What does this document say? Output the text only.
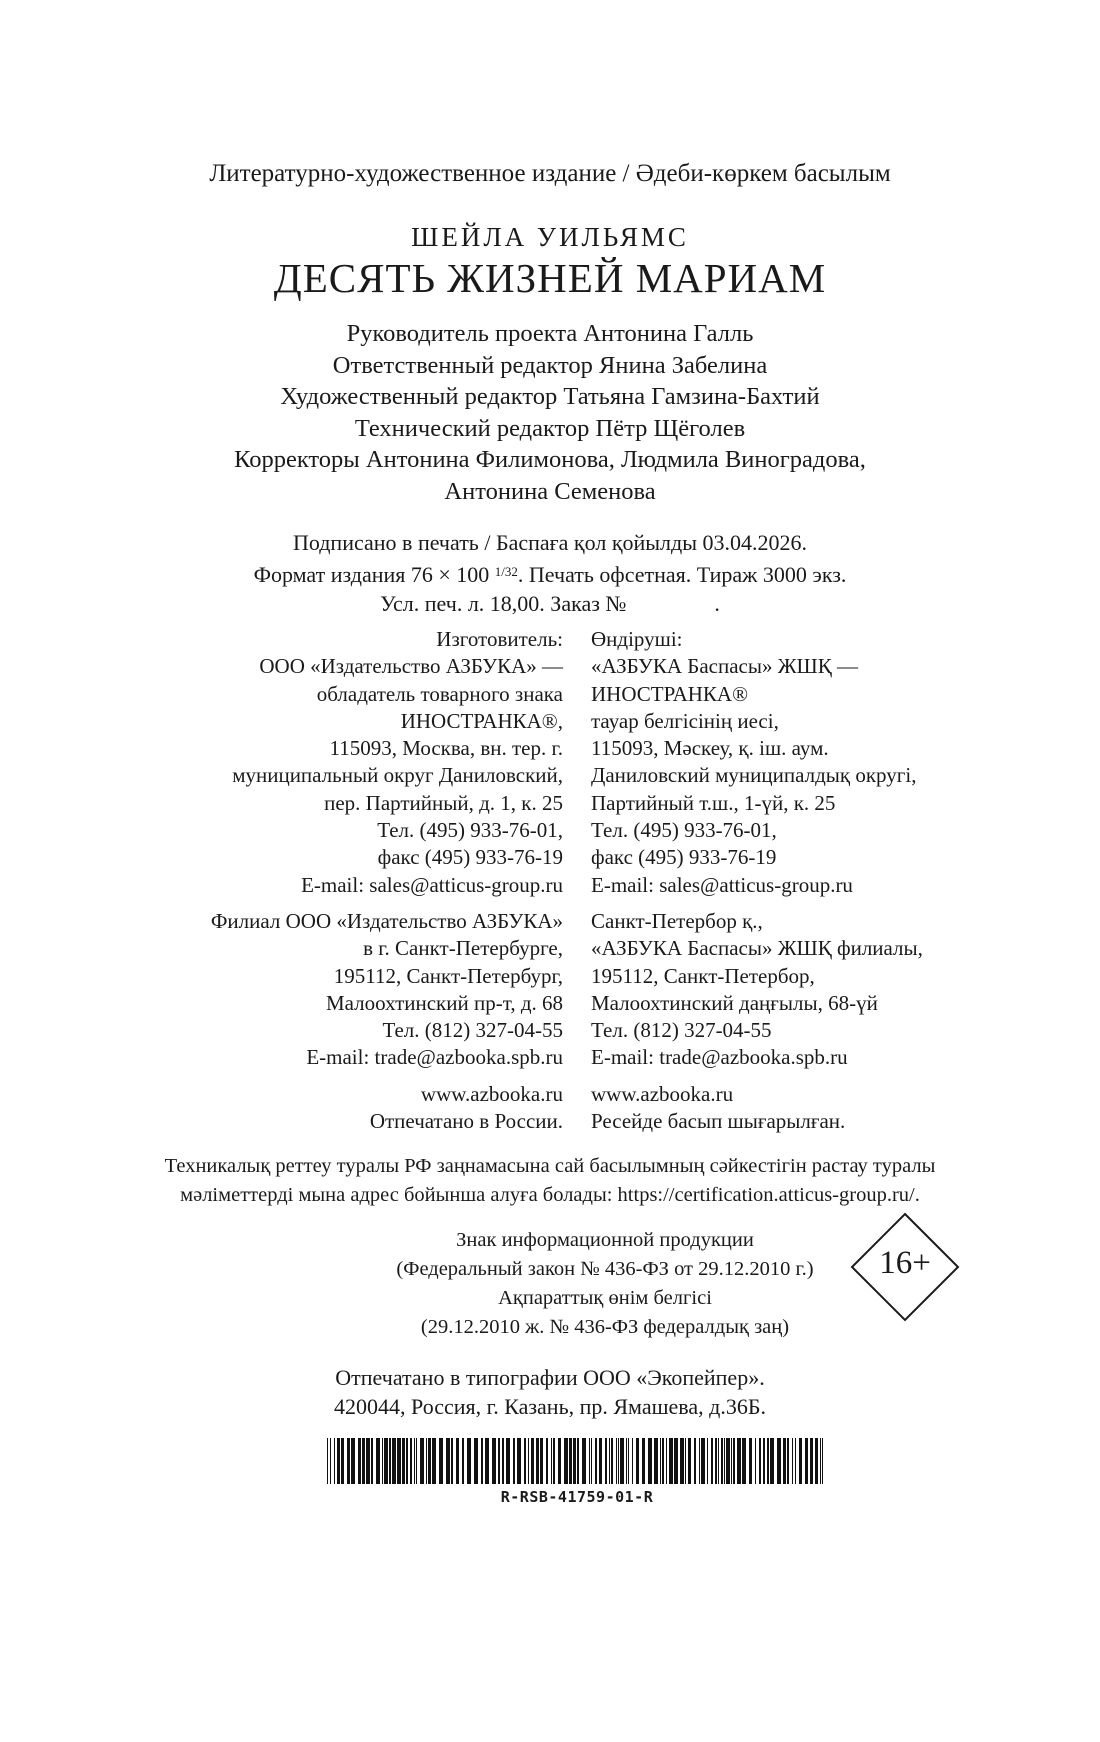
Литературно-художественное издание / Әдеби-көркем басылым
ШЕЙЛА УИЛЬЯМС
ДЕСЯТЬ ЖИЗНЕЙ МАРИАМ
Руководитель проекта Антонина Галль
Ответственный редактор Янина Забелина
Художественный редактор Татьяна Гамзина-Бахтий
Технический редактор Пётр Щёголев
Корректоры Антонина Филимонова, Людмила Виноградова,
Антонина Семенова
Подписано в печать / Баспаға қол қойылды 03.04.2026.
Формат издания 76 × 100 $^{1/32}$. Печать офсетная. Тираж 3000 экз.
Усл. печ. л. 18,00. Заказ №                .
Изготовитель:
ООО «Издательство АЗБУКА» —
обладатель товарного знака
ИНОСТРАНКА®,
115093, Москва, вн. тер. г.
муниципальный округ Даниловский,
пер. Партийный, д. 1, к. 25
Тел. (495) 933-76-01,
факс (495) 933-76-19
E-mail: sales@atticus-group.ru
Филиал ООО «Издательство АЗБУКА»
в г. Санкт-Петербурге,
195112, Санкт-Петербург,
Малоохтинский пр-т, д. 68
Тел. (812) 327-04-55
E-mail: trade@azbooka.spb.ru
www.azbooka.ru
Отпечатано в России.
Өндіруші:
«АЗБУКА Баспасы» ЖШҚ —
ИНОСТРАНКА®
тауар белгісінің иесі,
115093, Мәскеу, қ. іш. аум.
Даниловский муниципалдық округі,
Партийный т.ш., 1-үй, к. 25
Тел. (495) 933-76-01,
факс (495) 933-76-19
E-mail: sales@atticus-group.ru
Санкт-Петербор қ.,
«АЗБУКА Баспасы» ЖШҚ филиалы,
195112, Санкт-Петербор,
Малоохтинский даңғылы, 68-үй
Тел. (812) 327-04-55
E-mail: trade@azbooka.spb.ru
www.azbooka.ru
Ресейде басып шығарылған.
Техникалық реттеу туралы РФ заңнамасына сай басылымның сәйкестігін растау туралы
мәліметтерді мына адрес бойынша алуға болады: https://certification.atticus-group.ru/.
Знак информационной продукции
(Федеральный закон № 436-ФЗ от 29.12.2010 г.)
Ақпараттық өнім белгісі
(29.12.2010 ж. № 436-ФЗ федералдық заң)
16+
Отпечатано в типографии ООО «Экопейпер».
420044, Россия, г. Казань, пр. Ямашева, д.36Б.
R-RSB-41759-01-R
